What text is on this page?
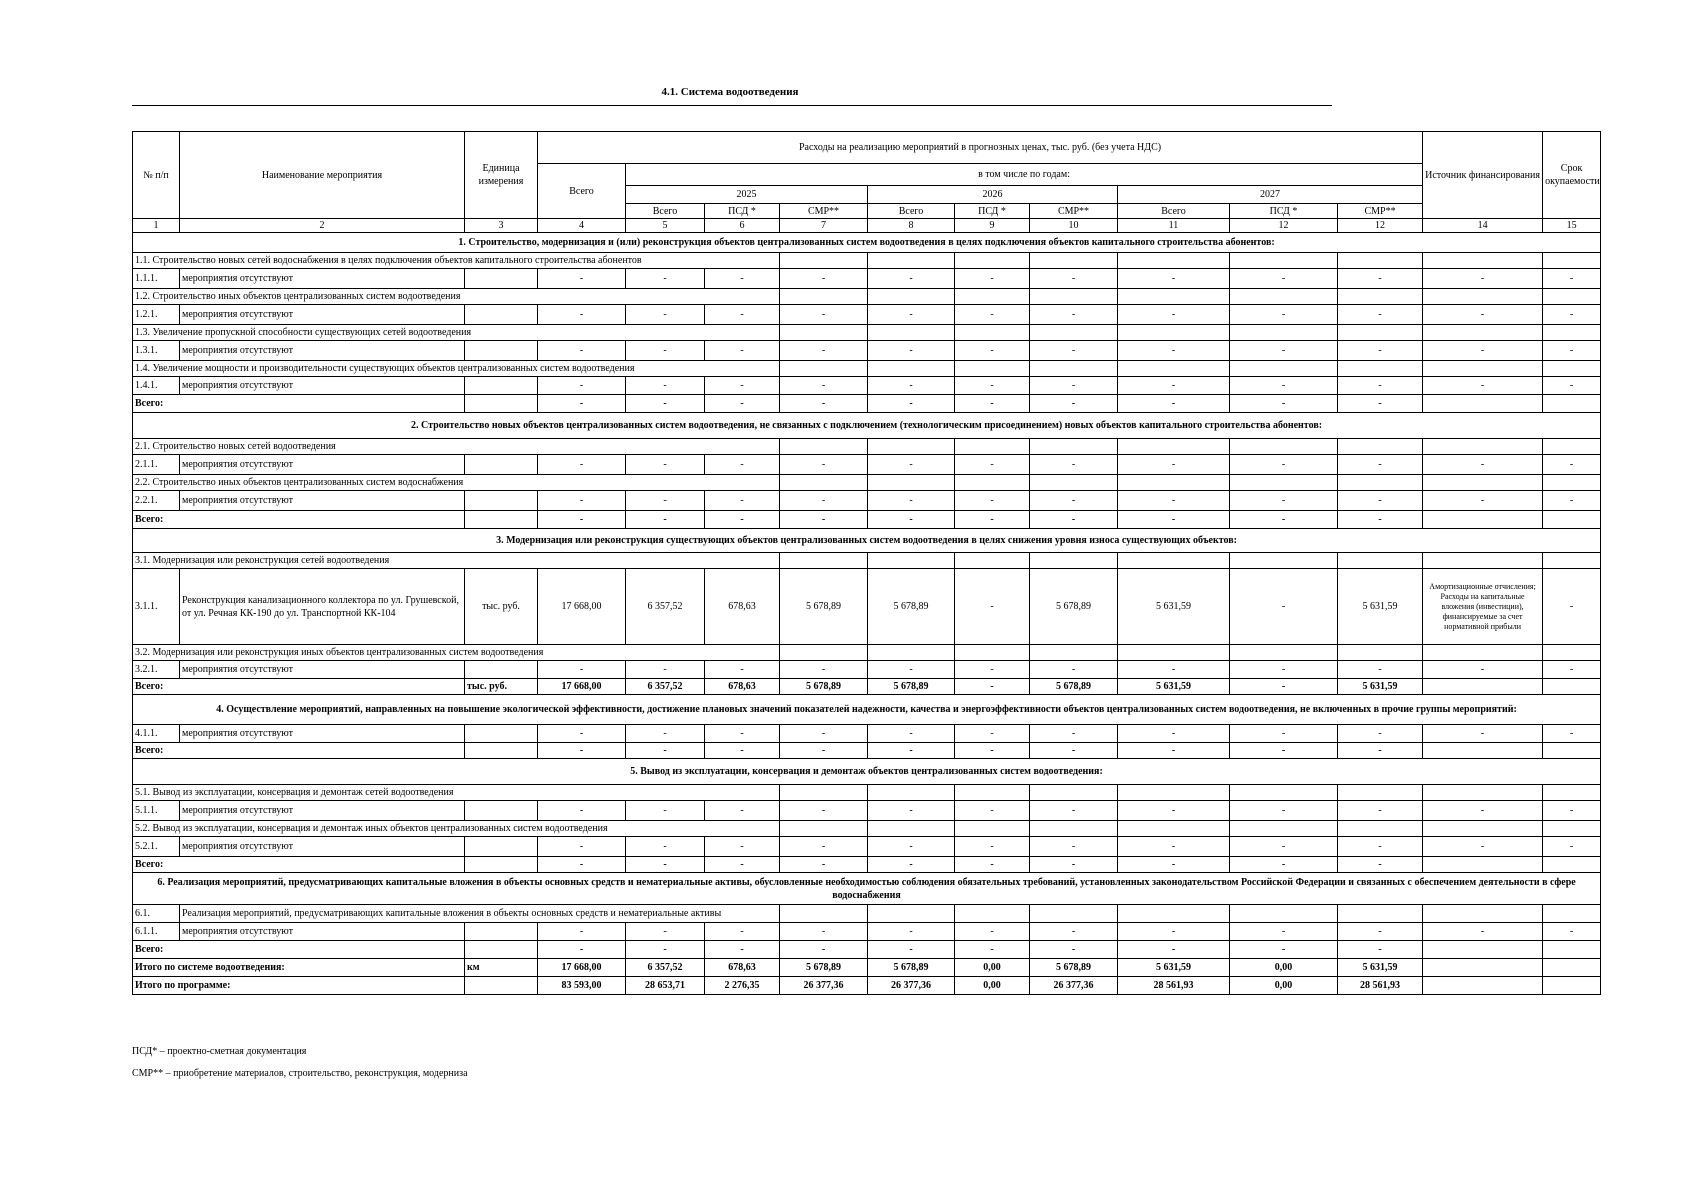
4.1. Система водоотведения
№ п/п	Наименование мероприятия	Единица измерения	Расходы на реализацию мероприятий в прогнозных ценах, тыс. руб. (без учета НДС)										Источник финансирования	Срок окупаемости
			Всего	в том числе по годам:										
				2025			2026			2027				
				Всего	ПСД *	СМР**	Всего	ПСД *	СМР**	Всего	ПСД *	СМР**		
1	2	3	4	5	6	7	8	9	10	11	12	12	14	15
1. Строительство, модернизация и (или) реконструкция объектов централизованных систем водоотведения в целях подключения объектов капитального строительства абонентов:														
1.1. Строительство новых сетей водоснабжения в целях подключения объектов капитального строительства абонентов														
1.1.1.	мероприятия отсутствуют		-	-	-	-	-	-	-	-	-	-	-	-
1.2. Строительство иных объектов централизованных систем водоотведения														
1.2.1.	мероприятия отсутствуют		-	-	-	-	-	-	-	-	-	-	-	-
1.3. Увеличение пропускной способности существующих сетей водоотведения														
1.3.1.	мероприятия отсутствуют		-	-	-	-	-	-	-	-	-	-	-	-
1.4. Увеличение мощности и производительности существующих объектов централизованных систем водоотведения														
1.4.1.	мероприятия отсутствуют		-	-	-	-	-	-	-	-	-	-	-	-
Всего:			-	-	-	-	-	-	-	-	-	-		
2. Строительство новых объектов централизованных систем водоотведения, не связанных с подключением (технологическим присоединением) новых объектов капитального строительства абонентов:														
2.1. Строительство новых сетей водоотведения														
2.1.1.	мероприятия отсутствуют		-	-	-	-	-	-	-	-	-	-	-	-
2.2. Строительство иных объектов централизованных систем водоснабжения														
2.2.1.	мероприятия отсутствуют		-	-	-	-	-	-	-	-	-	-	-	-
Всего:			-	-	-	-	-	-	-	-	-	-		
3. Модернизация или реконструкция существующих объектов централизованных систем водоотведения в целях снижения уровня износа существующих объектов:														
3.1. Модернизация или реконструкция сетей водоотведения														
3.1.1.	Реконструкция канализационного коллектора по ул. Грушевской, от ул. Речная КК-190 до ул. Транспортной КК-104	тыс. руб.	17 668,00	6 357,52	678,63	5 678,89	5 678,89	-	5 678,89	5 631,59	-	5 631,59	Амортизационные отчисления; Расходы на капитальные вложения (инвестиции), финансируемые за счет нормативной прибыли	-
3.2. Модернизация или реконструкция иных объектов централизованных систем водоотведения														
3.2.1.	мероприятия отсутствуют		-	-	-	-	-	-	-	-	-	-	-	-
Всего:		тыс. руб.	17 668,00	6 357,52	678,63	5 678,89	5 678,89	-	5 678,89	5 631,59	-	5 631,59		
4. Осуществление мероприятий, направленных на повышение экологической эффективности, достижение плановых значений показателей надежности, качества и энергоэффективности объектов централизованных систем водоотведения, не включенных в прочие группы мероприятий:														
4.1.1.	мероприятия отсутствуют		-	-	-	-	-	-	-	-	-	-	-	-
Всего:			-	-	-	-	-	-	-	-	-	-		
5. Вывод из эксплуатации, консервация и демонтаж объектов централизованных систем водоотведения:														
5.1. Вывод из эксплуатации, консервация и демонтаж сетей водоотведения														
5.1.1.	мероприятия отсутствуют		-	-	-	-	-	-	-	-	-	-	-	-
5.2. Вывод из эксплуатации, консервация и демонтаж иных объектов централизованных систем водоотведения														
5.2.1.	мероприятия отсутствуют		-	-	-	-	-	-	-	-	-	-	-	-
Всего:			-	-	-	-	-	-	-	-	-	-		
6. Реализация мероприятий, предусматривающих капитальные вложения в объекты основных средств и нематериальные активы, обусловленные необходимостью соблюдения обязательных требований, установленных законодательством Российской Федерации и связанных с обеспечением деятельности в сфере водоснабжения														
6.1.	Реализация мероприятий, предусматривающих капитальные вложения в объекты основных средств и нематериальные активы													
6.1.1.	мероприятия отсутствуют		-	-	-	-	-	-	-	-	-	-	-	-
Всего:			-	-	-	-	-	-	-	-	-	-		
Итого по системе водоотведения:		км	17 668,00	6 357,52	678,63	5 678,89	5 678,89	0,00	5 678,89	5 631,59	0,00	5 631,59		
Итого по программе:			83 593,00	28 653,71	2 276,35	26 377,36	26 377,36	0,00	26 377,36	28 561,93	0,00	28 561,93		
ПСД* – проектно-сметная документация
СМР** – приобретение материалов, строительство, реконструкция, модерниза
